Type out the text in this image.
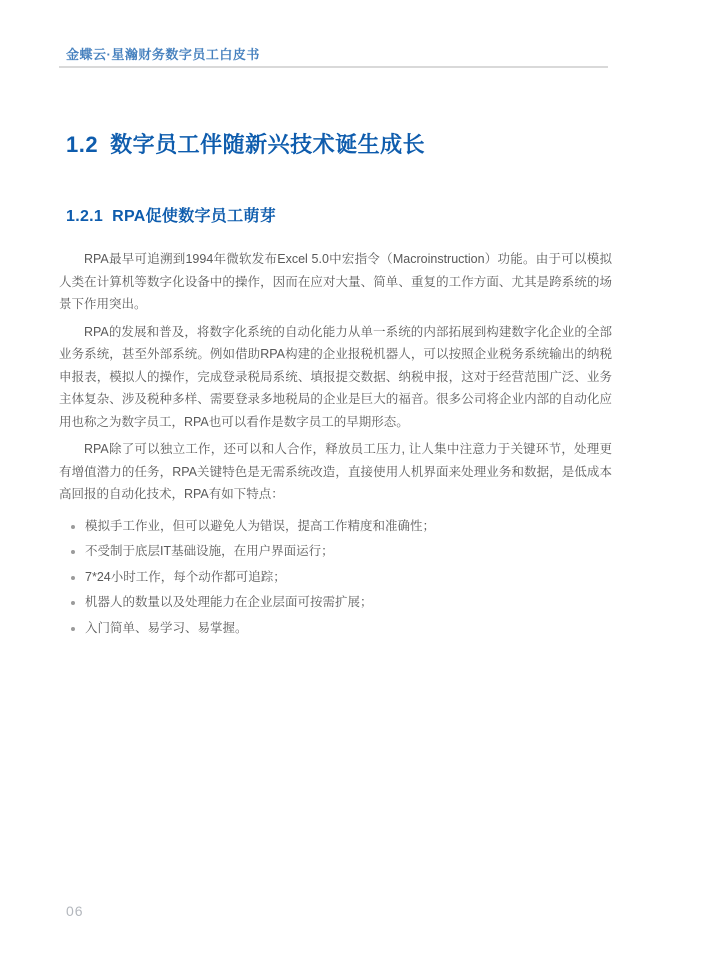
金蝶云·星瀚财务数字员工白皮书
1.2 数字员工伴随新兴技术诞生成长
1.2.1 RPA促使数字员工萌芽

RPA最早可追溯到1994年微软发布Excel 5.0中宏指令（Macroinstruction）功能。由于可以模拟人类在计算机等数字化设备中的操作，因而在应对大量、简单、重复的工作方面、尤其是跨系统的场景下作用突出。

RPA的发展和普及，将数字化系统的自动化能力从单一系统的内部拓展到构建数字化企业的全部业务系统，甚至外部系统。例如借助RPA构建的企业报税机器人，可以按照企业税务系统输出的纳税申报表，模拟人的操作，完成登录税局系统、填报提交数据、纳税申报，这对于经营范围广泛、业务主体复杂、涉及税种多样、需要登录多地税局的企业是巨大的福音。很多公司将企业内部的自动化应用也称之为数字员工，RPA也可以看作是数字员工的早期形态。

RPA除了可以独立工作，还可以和人合作，释放员工压力, 让人集中注意力于关键环节，处理更有增值潜力的任务，RPA关键特色是无需系统改造，直接使用人机界面来处理业务和数据，是低成本高回报的自动化技术，RPA有如下特点：

模拟手工作业，但可以避免人为错误，提高工作精度和准确性；
不受制于底层IT基础设施，在用户界面运行；
7*24小时工作，每个动作都可追踪；
机器人的数量以及处理能力在企业层面可按需扩展；
入门简单、易学习、易掌握。
06
